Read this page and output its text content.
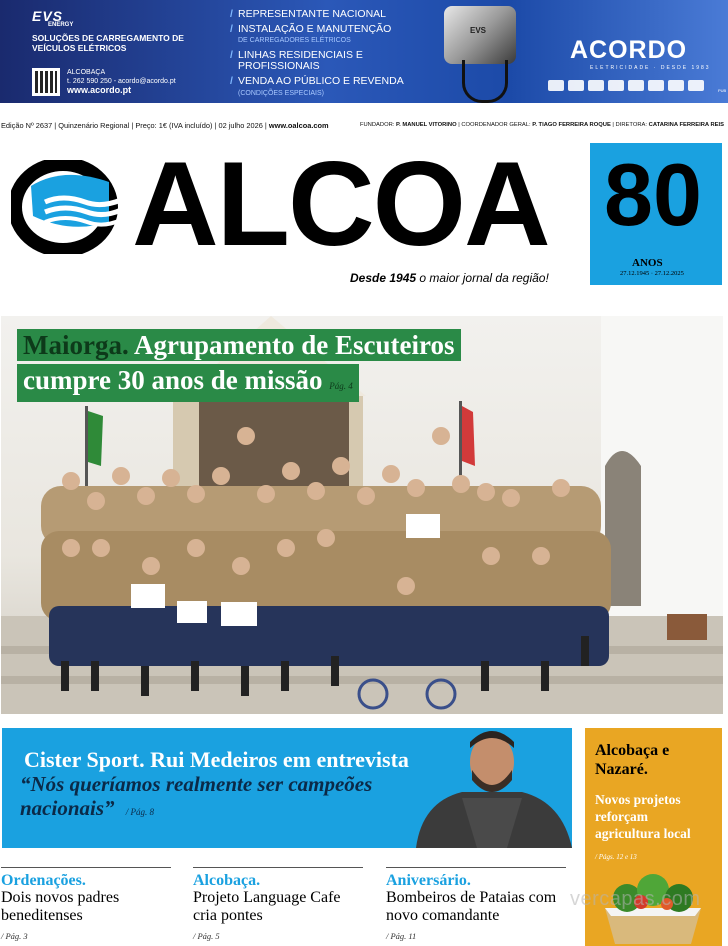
EVS
ENERGY
SOLUÇÕES DE CARREGAMENTO DE VEÍCULOS ELÉTRICOS
ALCOBAÇA
t. 262 590 250 - acordo@acordo.pt
www.acordo.pt
/ REPRESENTANTE NACIONAL
/ INSTALAÇÃO E MANUTENÇÃO
DE CARREGADORES ELÉTRICOS
/ LINHAS RESIDENCIAIS E PROFISSIONAIS
/ VENDA AO PÚBLICO E REVENDA (CONDIÇÕES ESPECIAIS)
EVS
ACORDO
ELETRICIDADE · DESDE 1983
PUB
Edição Nº 2637 | Quinzenário Regional | Preço: 1€ (IVA incluído) | 02 julho 2026 | www.oalcoa.com	FUNDADOR: P. MANUEL VITORINO | COORDENADOR GERAL: P. TIAGO FERREIRA ROQUE | DIRETORA: CATARINA FERREIRA REIS
ALCOA
Desde 1945 o maior jornal da região!
80
ANOS
27.12.1945 · 27.12.2025
Maiorga. Agrupamento de Escuteiros
cumpre 30 anos de missão Pág. 4
Cister Sport. Rui Medeiros em entrevista
“Nós queríamos realmente ser campeões nacionais” / Pág. 8
Alcobaça e Nazaré.
Novos projetos reforçam agricultura local
/ Págs. 12 e 13
Ordenações.
Dois novos padres beneditenses
/ Pág. 3
Alcobaça.
Projeto Language Cafe cria pontes
/ Pág. 5
Aniversário.
Bombeiros de Pataias com novo comandante
/ Pág. 11
vercapas.com
